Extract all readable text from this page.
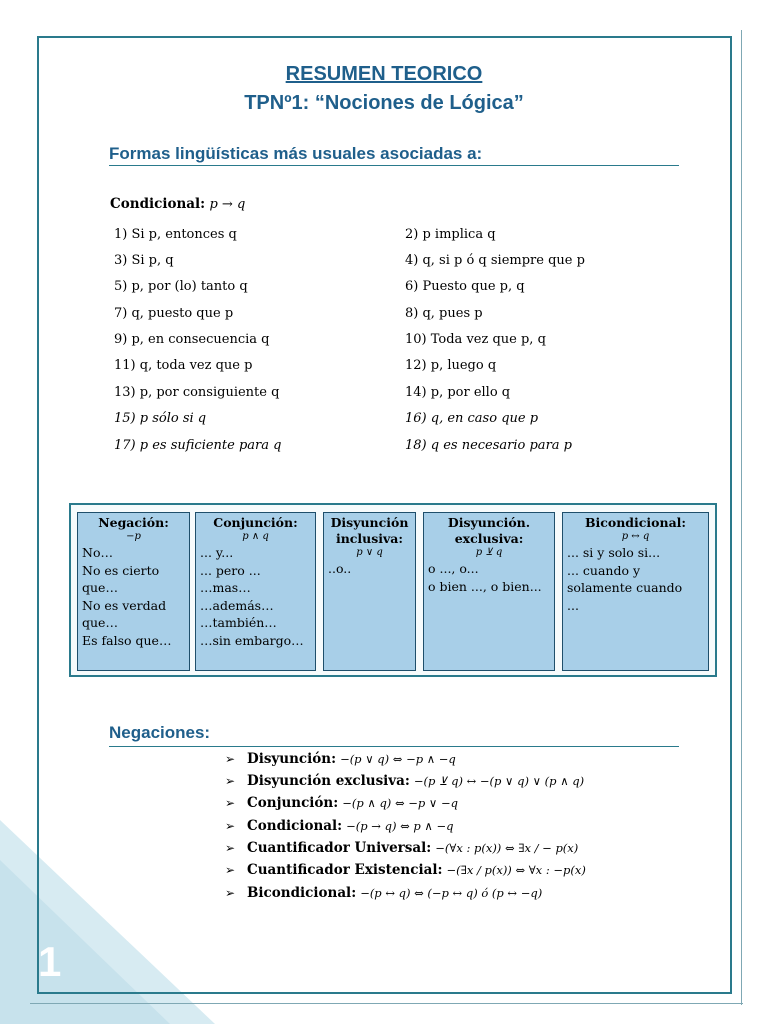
1
RESUMEN TEORICO
TPNº1: “Nociones de Lógica”
Formas lingüísticas más usuales asociadas a:
Condicional: p → q
1) Si p, entonces q
3) Si p, q
5) p, por (lo) tanto q
7) q, puesto que p
9) p, en consecuencia q
11) q, toda vez que p
13) p, por consiguiente q
15) p sólo si q
17) p es suficiente para q
2) p implica q
4) q, si p ó q siempre que p
6) Puesto que p, q
8) q, pues p
10) Toda vez que p, q
12) p, luego q
14) p, por ello q
16) q, en caso que p
18) q es necesario para p
Negación:
−p
No…
No es cierto que…
No es verdad que…
Es falso que…
Conjunción:
p ∧ q
... y...
... pero ...
…mas…
…además…
…también…
…sin embargo…
Disyunción inclusiva:
p ∨ q
..o..
Disyunción. exclusiva:
p ⊻ q
o ..., o...
o bien ..., o bien...
Bicondicional:
p ↔ q
... si y solo si...
... cuando y solamente cuando
...
Negaciones:
➢ Disyunción: −(p ∨ q) ⇔ −p ∧ −q
➢ Disyunción exclusiva: −(p ⊻ q) ↔ −(p ∨ q) ∨ (p ∧ q)
➢ Conjunción: −(p ∧ q) ⇔ −p ∨ −q
➢ Condicional: −(p → q) ⇔ p ∧ −q
➢ Cuantificador Universal: −(∀x : p(x)) ⇔ ∃x / − p(x)
➢ Cuantificador Existencial: −(∃x / p(x)) ⇔ ∀x : −p(x)
➢ Bicondicional: −(p ↔ q) ⇔ (−p ↔ q) ó (p ↔ −q)
